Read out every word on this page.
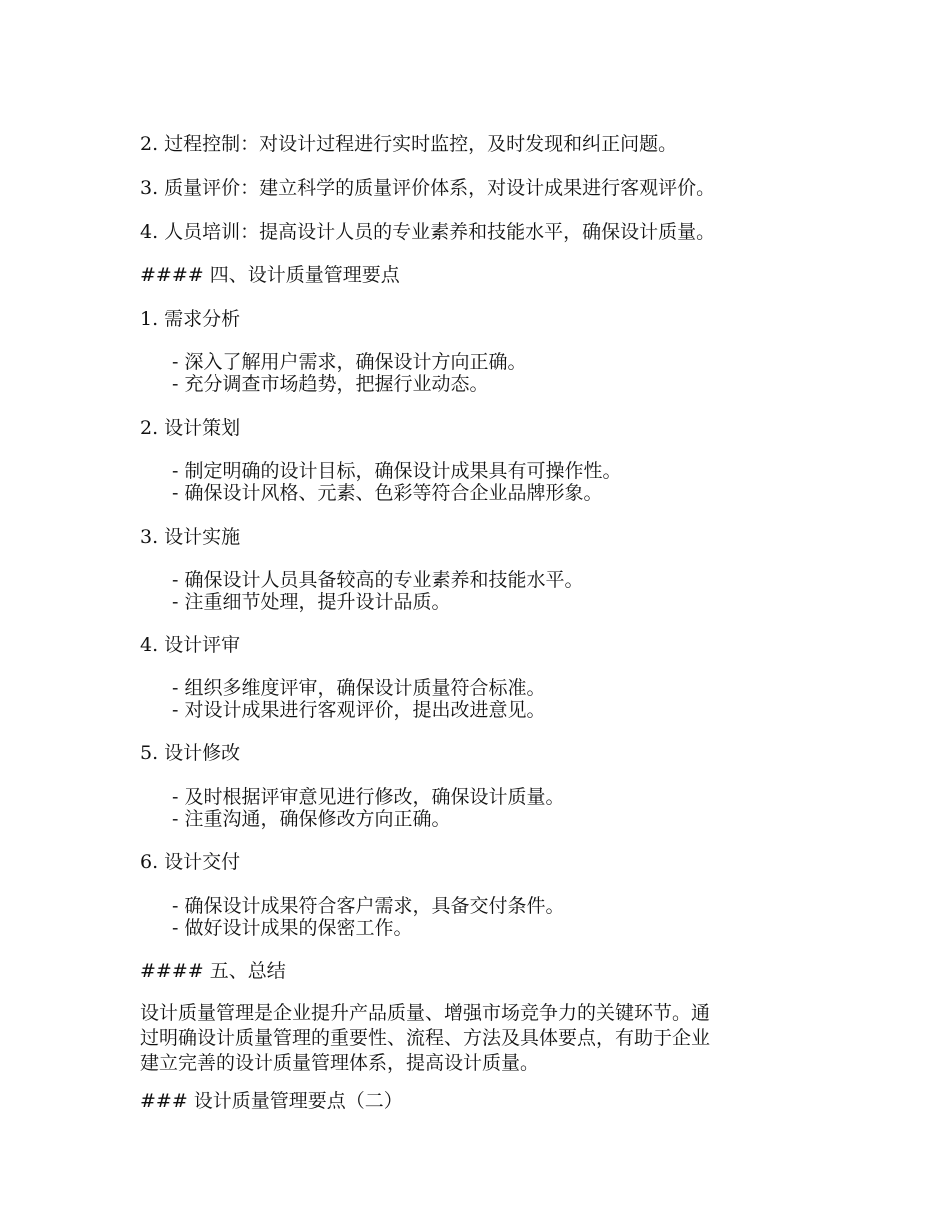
2. 过程控制：对设计过程进行实时监控，及时发现和纠正问题。
3. 质量评价：建立科学的质量评价体系，对设计成果进行客观评价。
4. 人员培训：提高设计人员的专业素养和技能水平，确保设计质量。
#### 四、设计质量管理要点
1. 需求分析
- 深入了解用户需求，确保设计方向正确。
- 充分调查市场趋势，把握行业动态。
2. 设计策划
- 制定明确的设计目标，确保设计成果具有可操作性。
- 确保设计风格、元素、色彩等符合企业品牌形象。
3. 设计实施
- 确保设计人员具备较高的专业素养和技能水平。
- 注重细节处理，提升设计品质。
4. 设计评审
- 组织多维度评审，确保设计质量符合标准。
- 对设计成果进行客观评价，提出改进意见。
5. 设计修改
- 及时根据评审意见进行修改，确保设计质量。
- 注重沟通，确保修改方向正确。
6. 设计交付
- 确保设计成果符合客户需求，具备交付条件。
- 做好设计成果的保密工作。
#### 五、总结
设计质量管理是企业提升产品质量、增强市场竞争力的关键环节。通
过明确设计质量管理的重要性、流程、方法及具体要点，有助于企业
建立完善的设计质量管理体系，提高设计质量。
### 设计质量管理要点（二）
